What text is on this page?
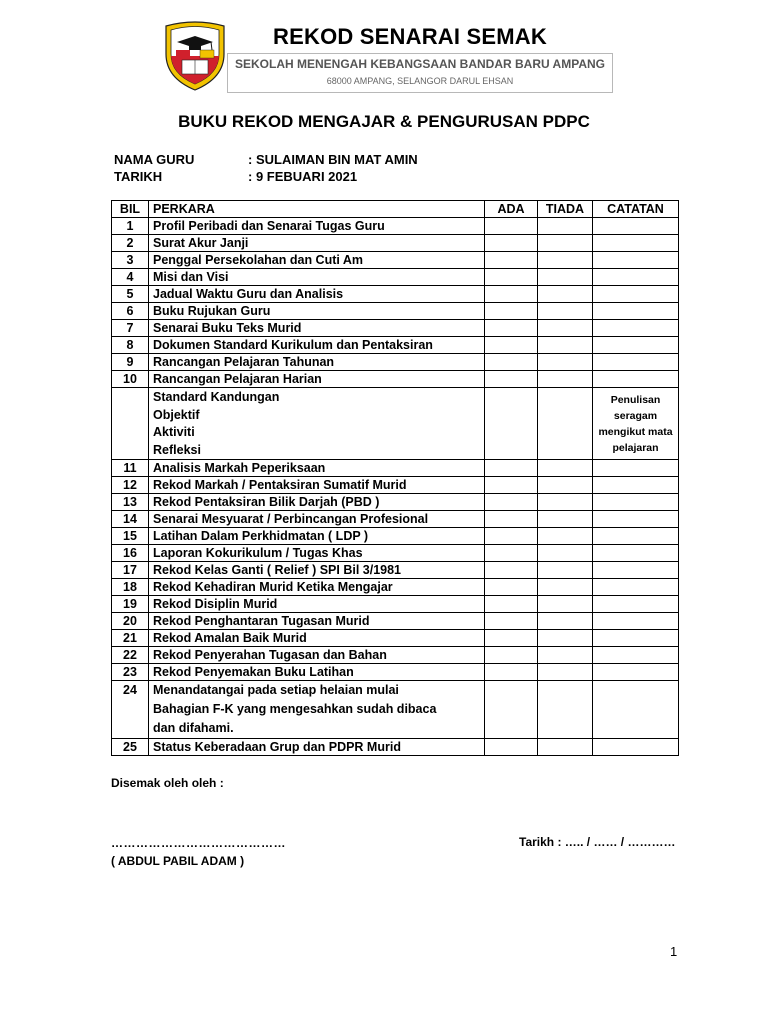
REKOD SENARAI SEMAK
SEKOLAH MENENGAH KEBANGSAAN BANDAR BARU AMPANG
68000 AMPANG, SELANGOR DARUL EHSAN
BUKU REKOD MENGAJAR & PENGURUSAN PDPC
NAMA GURU	: SULAIMAN BIN MAT AMIN
TARIKH	: 9 FEBUARI 2021
BIL	PERKARA	ADA	TIADA	CATATAN
1	Profil Peribadi dan Senarai Tugas Guru			
2	Surat Akur Janji			
3	Penggal Persekolahan dan Cuti Am			
4	Misi dan Visi			
5	Jadual Waktu Guru dan Analisis			
6	Buku Rujukan Guru			
7	Senarai Buku Teks Murid			
8	Dokumen Standard Kurikulum dan Pentaksiran			
9	Rancangan Pelajaran Tahunan			
10	Rancangan Pelajaran Harian			

	Standard Kandungan
Objektif
Aktiviti
Refleksi			Penulisan seragam mengikut mata pelajaran
11	Analisis Markah Peperiksaan			
12	Rekod Markah / Pentaksiran Sumatif Murid			
13	Rekod Pentaksiran Bilik Darjah (PBD )			
14	Senarai Mesyuarat / Perbincangan Profesional			
15	Latihan Dalam Perkhidmatan ( LDP )			
16	Laporan Kokurikulum / Tugas Khas			
17	Rekod Kelas Ganti ( Relief ) SPI Bil 3/1981			
18	Rekod Kehadiran Murid Ketika Mengajar			
19	Rekod Disiplin Murid			
20	Rekod Penghantaran Tugasan Murid			
21	Rekod Amalan Baik Murid			
22	Rekod Penyerahan Tugasan dan Bahan			
23	Rekod Penyemakan Buku Latihan			
24	Menandatangai pada setiap helaian mulai
Bahagian F-K yang mengesahkan sudah dibaca
dan difahami.			

25	Status Keberadaan Grup dan PDPR Murid			
Disemak oleh oleh :
……………………………………
( ABDUL PABIL ADAM )
Tarikh : ….. / …… / …………
1
